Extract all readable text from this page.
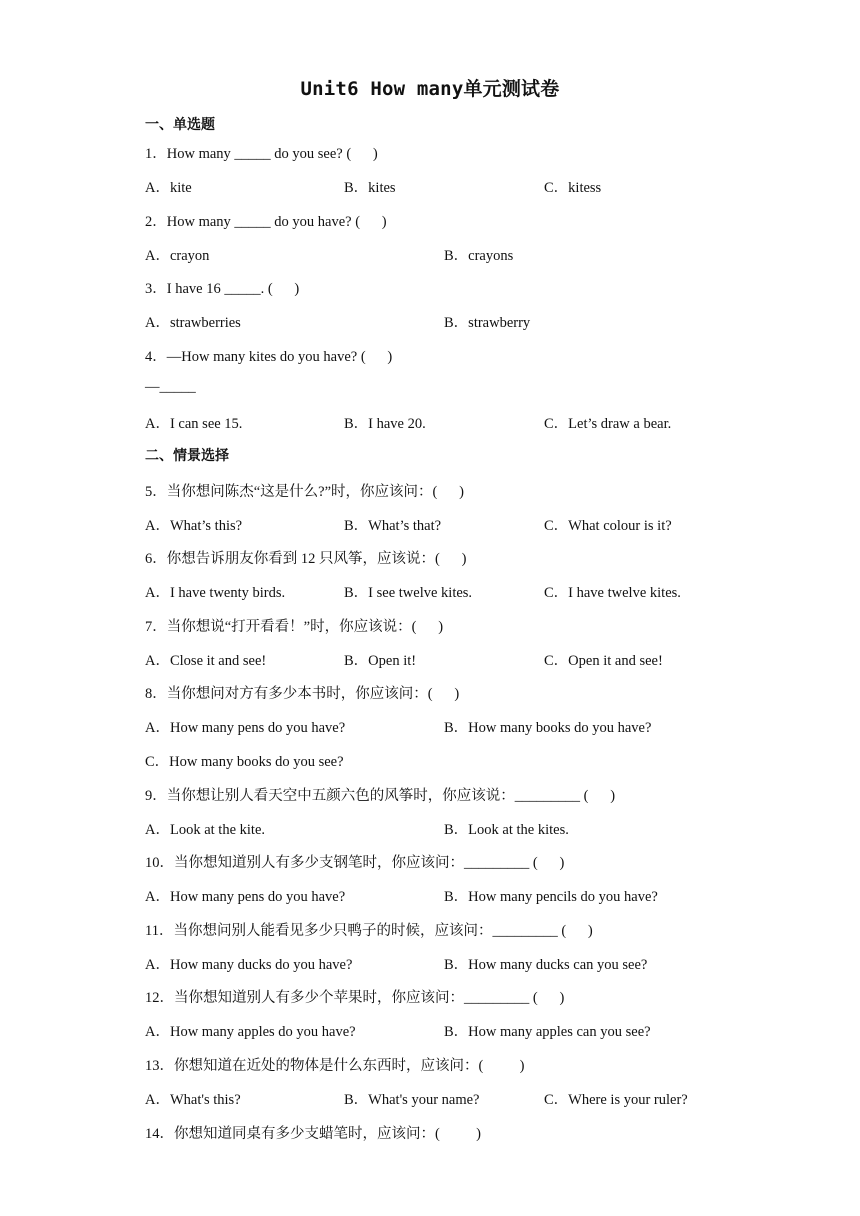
Unit6 How many单元测试卷
一、单选题
1．How many _____ do you see? (      )
A．kite	B．kites	C．kitess
2．How many _____ do you have? (      )
A．crayon	B．crayons
3．I have 16 _____. (      )
A．strawberries	B．strawberry
4．—How many kites do you have? (      )
—_____
A．I can see 15.	B．I have 20.	C．Let’s draw a bear.
二、情景选择
5．当你想问陈杰“这是什么?”时，你应该问：(      )
A．What’s this?	B．What’s that?	C．What colour is it?
6．你想告诉朋友你看到 12 只风筝，应该说：(      )
A．I have twenty birds.	B．I see twelve kites.	C．I have twelve kites.
7．当你想说“打开看看！”时，你应该说：(      )
A．Close it and see!	B．Open it!	C．Open it and see!
8．当你想问对方有多少本书时，你应该问：(      )
A．How many pens do you have?	B．How many books do you have?
C．How many books do you see?
9．当你想让别人看天空中五颜六色的风筝时，你应该说：_________ (      )
A．Look at the kite.	B．Look at the kites.
10．当你想知道别人有多少支钢笔时，你应该问：_________ (      )
A．How many pens do you have?	B．How many pencils do you have?
11．当你想问别人能看见多少只鸭子的时候，应该问：_________ (      )
A．How many ducks do you have?	B．How many ducks can you see?
12．当你想知道别人有多少个苹果时，你应该问：_________ (      )
A．How many apples do you have?	B．How many apples can you see?
13．你想知道在近处的物体是什么东西时，应该问：(          )
A．What's this?	B．What's your name?	C．Where is your ruler?
14．你想知道同桌有多少支蜡笔时，应该问：(          )
